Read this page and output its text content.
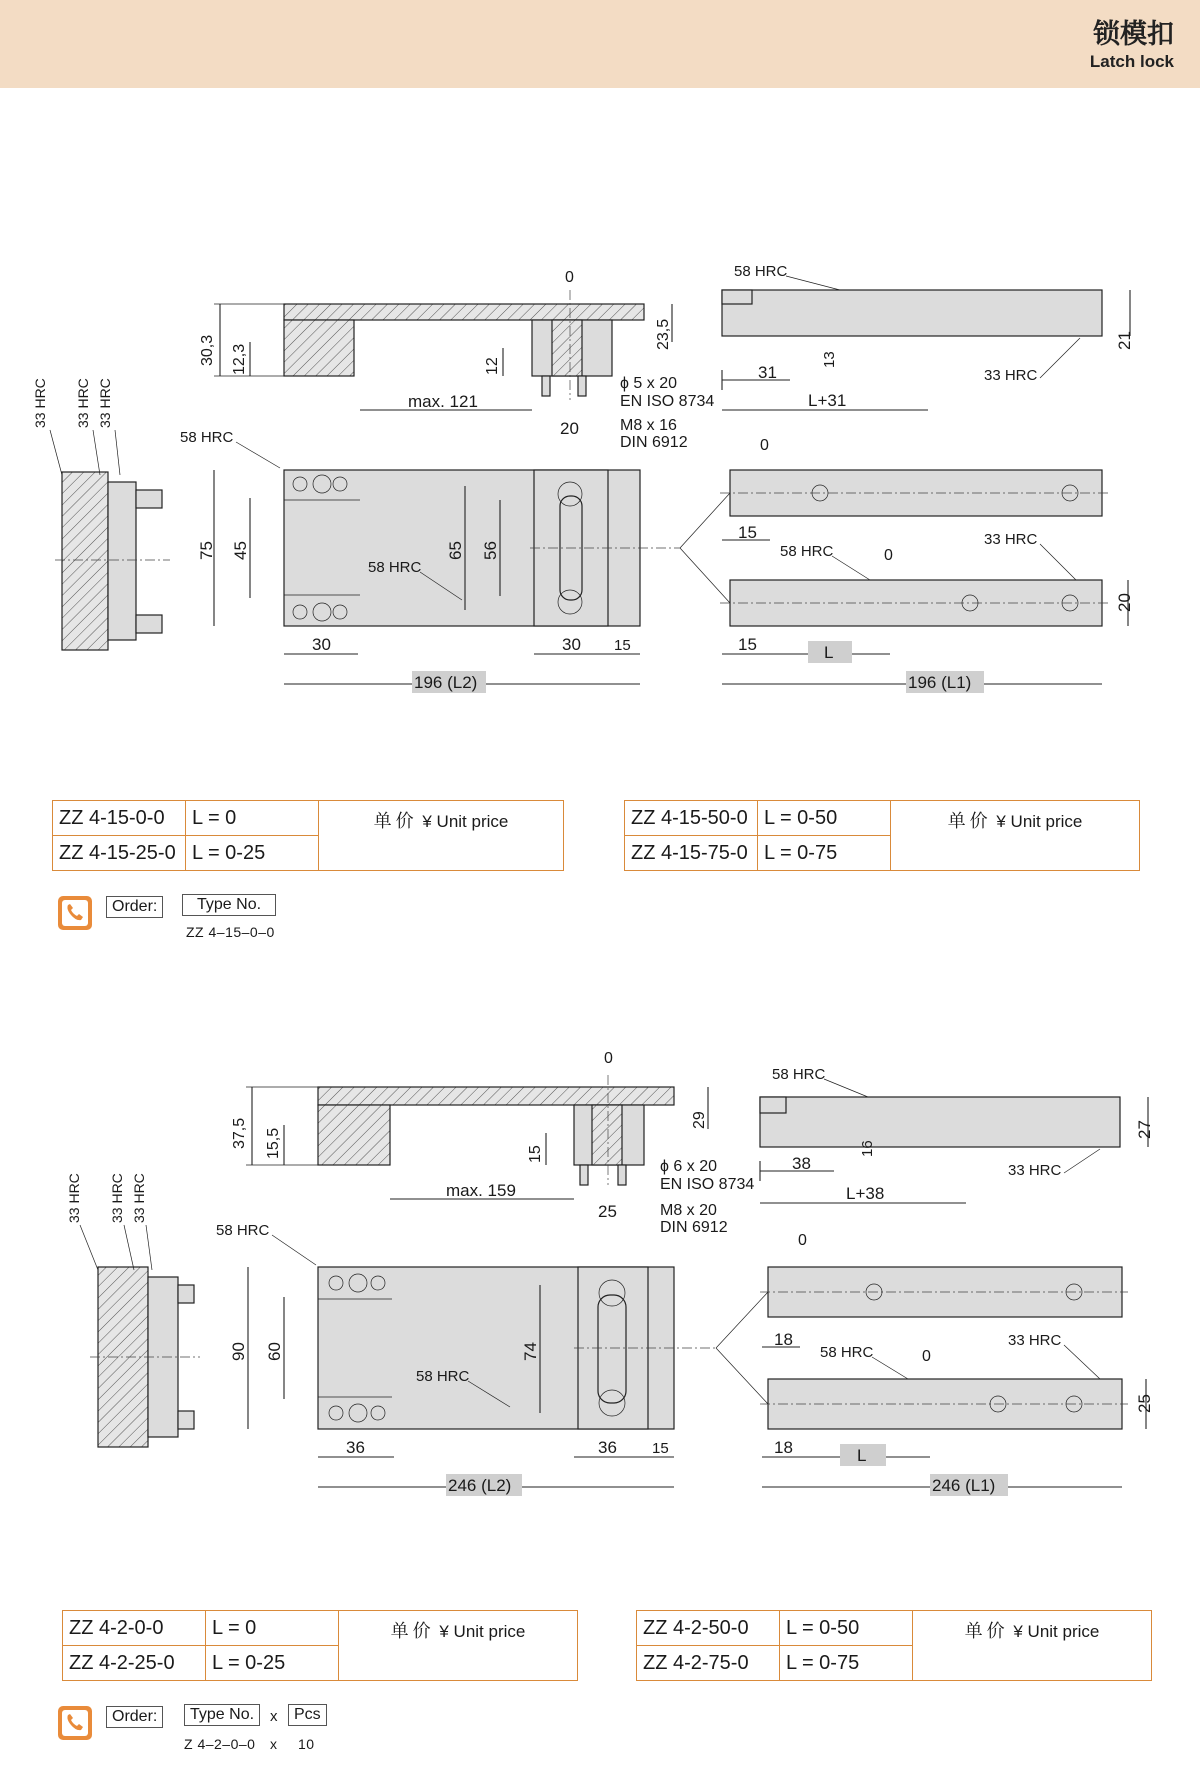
锁模扣
Latch lock
33 HRC 33 HRC 33 HRC
0
30,3 12,3	12
23,5
max. 121
ϕ 5 x 20
EN ISO 8734
M8 x 16
DIN 6912
20
58 HRC
58 HRC
75 45	65 56
30	30 15
196 (L2)
58 HRC
33 HRC
31
13
L+31
21
0
15
0
58 HRC
33 HRC
20
15	L
196 (L1)
ZZ 4-15-0-0	L = 0	单价 ¥ Unit price
ZZ 4-15-25-0	L = 0-25	
ZZ 4-15-50-0	L = 0-50	单价 ¥ Unit price
ZZ 4-15-75-0	L = 0-75	
Order:	Type No.
ZZ 4–15–0–0
33 HRC 33 HRC 33 HRC
0
37,5 15,5	15
29
max. 159
ϕ 6 x 20
EN ISO 8734
M8 x 20
DIN 6912
25
58 HRC
58 HRC
90 60	74
36	36 15
246 (L2)
58 HRC
33 HRC
38
16
L+38
27
0
18
0
58 HRC
33 HRC
25
18	L
246 (L1)
ZZ 4-2-0-0	L = 0	单价 ¥ Unit price
ZZ 4-2-25-0	L = 0-25	
ZZ 4-2-50-0	L = 0-50	单价 ¥ Unit price
ZZ 4-2-75-0	L = 0-75	
Order:	Type No.	x	Pcs
Z 4–2–0–0 x 10
